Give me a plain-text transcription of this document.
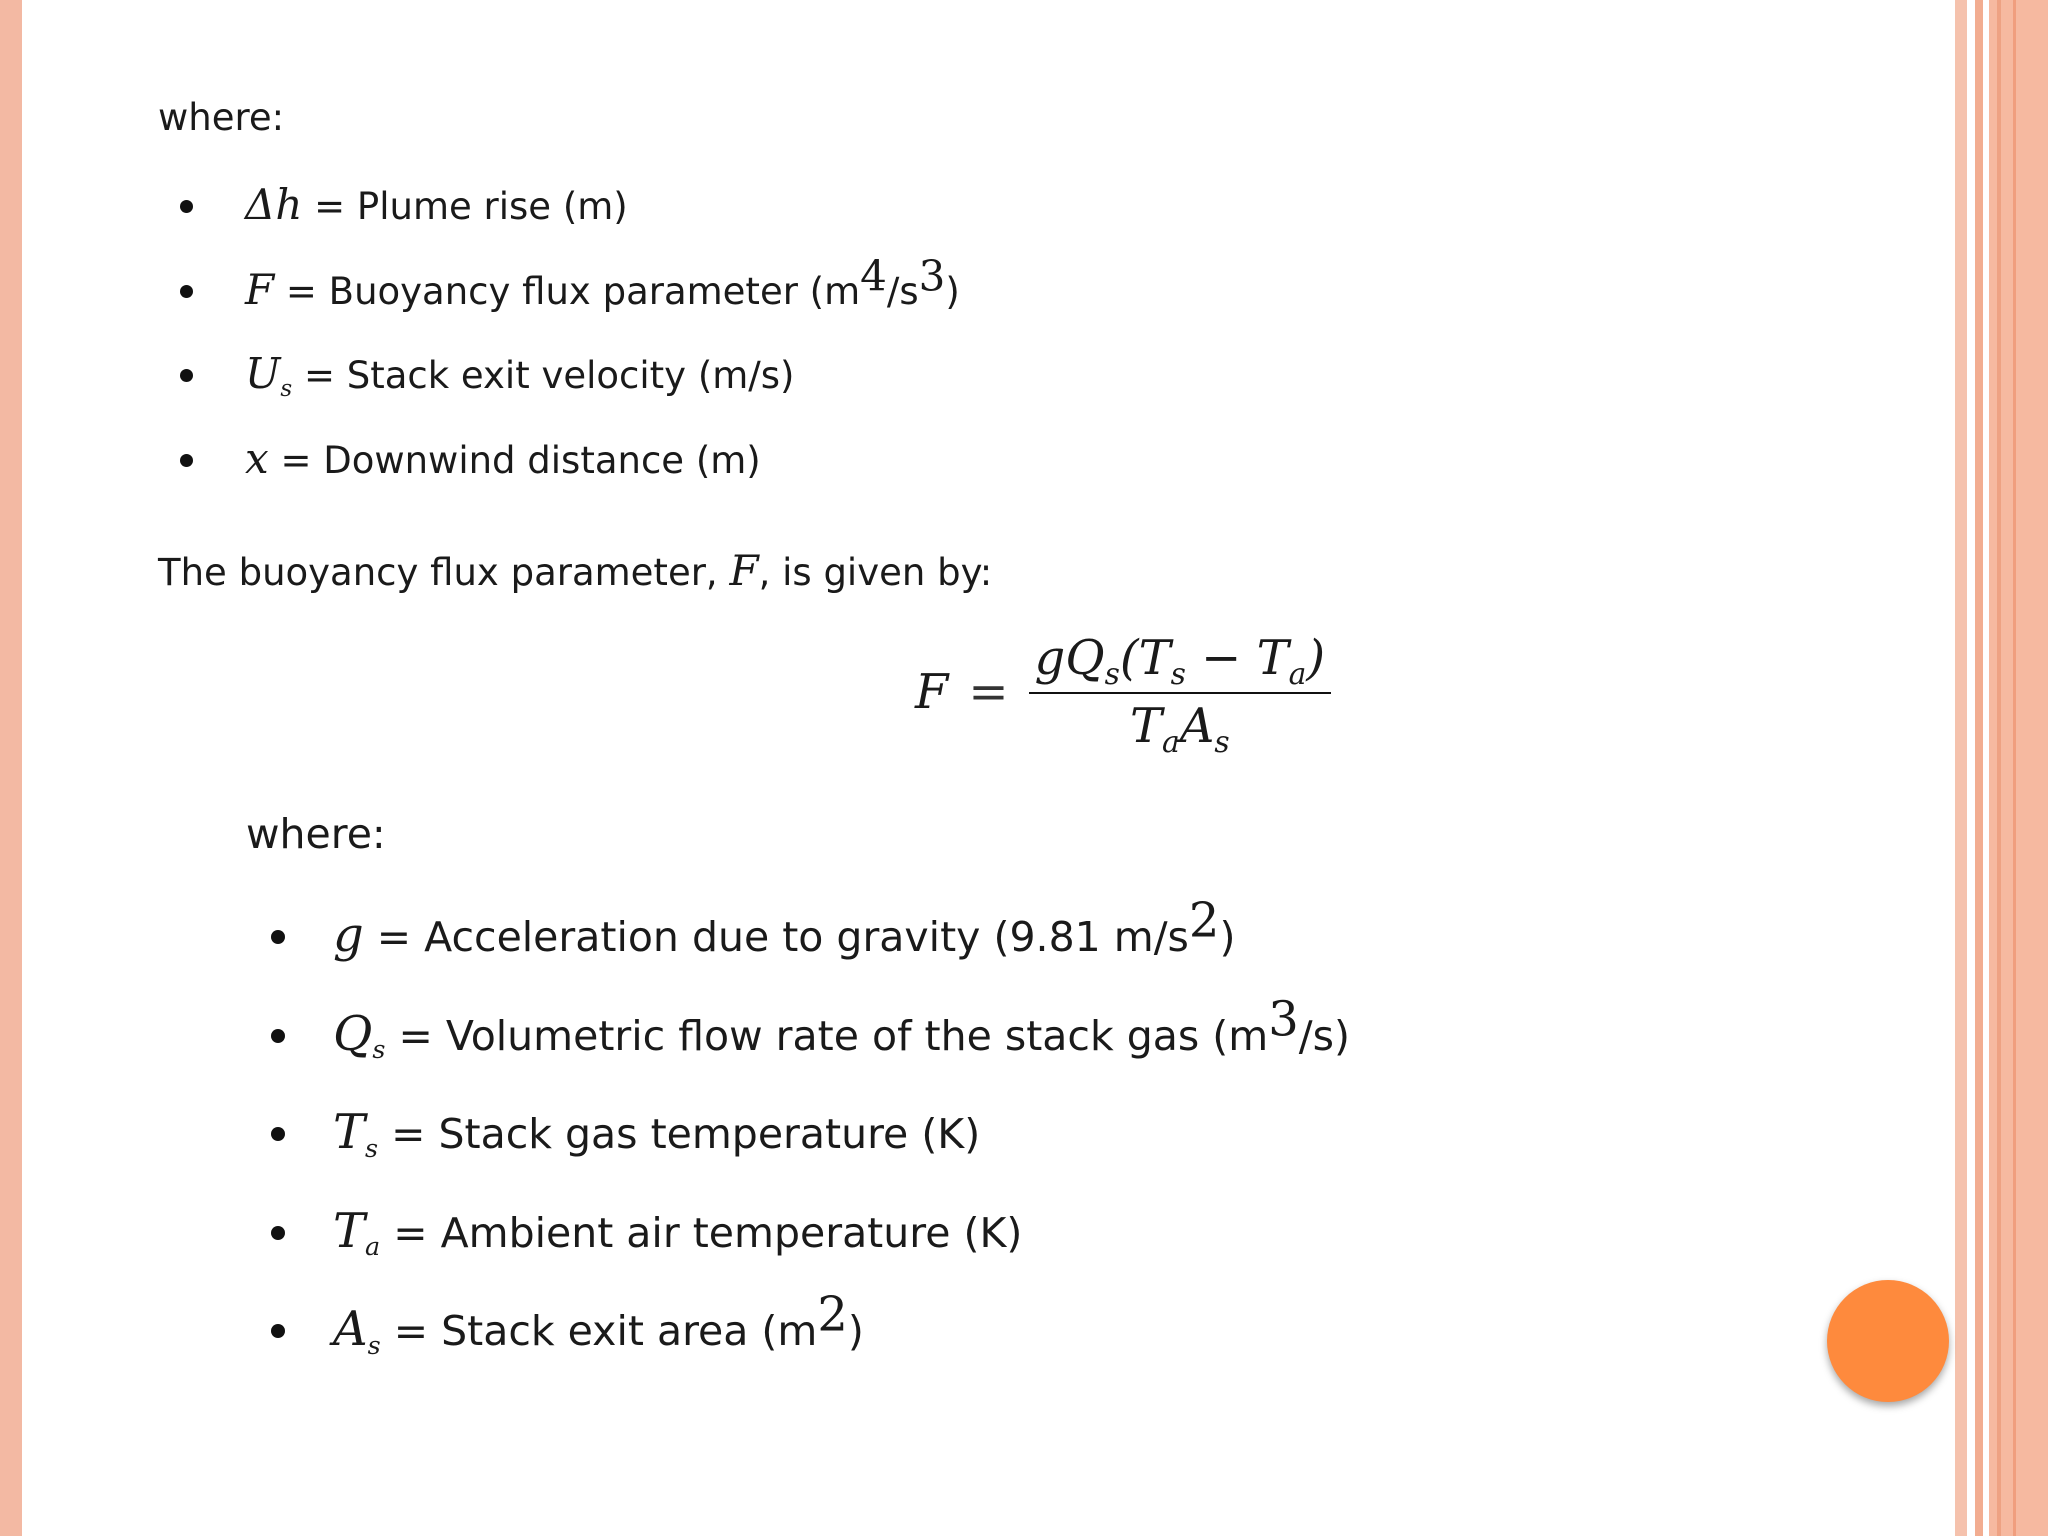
where:
Δh = Plume rise (m)
F = Buoyancy flux parameter $(m^4/s^3)$
$U_s$ = Stack exit velocity (m/s)
x = Downwind distance (m)
The buoyancy flux parameter, F, is given by:
$F = \frac{gQ_s(T_s - T_a)}{T_aA_s}$
where:
g = Acceleration due to gravity (9.81 $m/s^2$)
$Q_s$ = Volumetric flow rate of the stack gas $(m^3/s)$
$T_s$ = Stack gas temperature (K)
$T_a$ = Ambient air temperature (K)
$A_s$ = Stack exit area $(m^2)$
